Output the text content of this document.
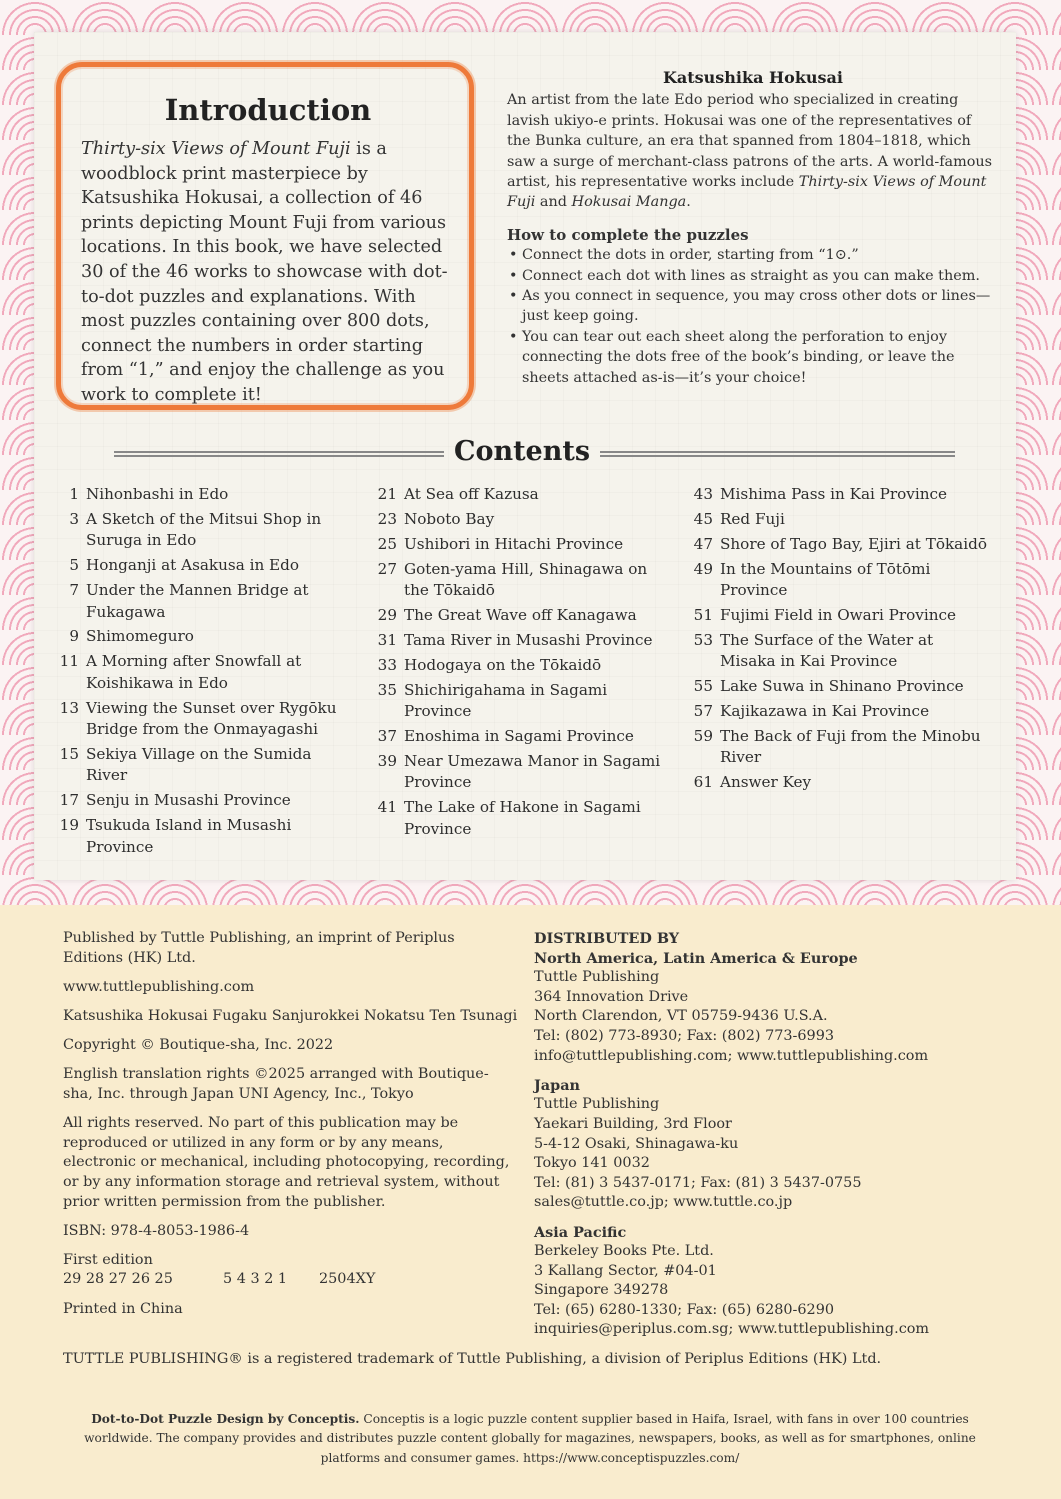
Introduction
Thirty-six Views of Mount Fuji is a woodblock print masterpiece by Katsushika Hokusai, a collection of 46 prints depicting Mount Fuji from various locations. In this book, we have selected 30 of the 46 works to showcase with dot-to-dot puzzles and explanations. With most puzzles containing over 800 dots, connect the numbers in order starting from “1,” and enjoy the challenge as you work to complete it!
Katsushika Hokusai
An artist from the late Edo period who specialized in creating lavish ukiyo-e prints. Hokusai was one of the representatives of the Bunka culture, an era that spanned from 1804–1818, which saw a surge of merchant-class patrons of the arts. A world-famous artist, his representative works include Thirty-six Views of Mount Fuji and Hokusai Manga.
How to complete the puzzles
• Connect the dots in order, starting from “1⊙.”
• Connect each dot with lines as straight as you can make them.
• As you connect in sequence, you may cross other dots or lines—just keep going.
• You can tear out each sheet along the perforation to enjoy connecting the dots free of the book’s binding, or leave the sheets attached as-is—it’s your choice!
Contents
1 Nihonbashi in Edo
3 A Sketch of the Mitsui Shop in Suruga in Edo
5 Honganji at Asakusa in Edo
7 Under the Mannen Bridge at Fukagawa
9 Shimomeguro
11 A Morning after Snowfall at Koishikawa in Edo
13 Viewing the Sunset over Rygōku Bridge from the Onmayagashi
15 Sekiya Village on the Sumida River
17 Senju in Musashi Province
19 Tsukuda Island in Musashi Province
21 At Sea off Kazusa
23 Noboto Bay
25 Ushibori in Hitachi Province
27 Goten-yama Hill, Shinagawa on the Tōkaidō
29 The Great Wave off Kanagawa
31 Tama River in Musashi Province
33 Hodogaya on the Tōkaidō
35 Shichirigahama in Sagami Province
37 Enoshima in Sagami Province
39 Near Umezawa Manor in Sagami Province
41 The Lake of Hakone in Sagami Province
43 Mishima Pass in Kai Province
45 Red Fuji
47 Shore of Tago Bay, Ejiri at Tōkaidō
49 In the Mountains of Tōtōmi Province
51 Fujimi Field in Owari Province
53 The Surface of the Water at Misaka in Kai Province
55 Lake Suwa in Shinano Province
57 Kajikazawa in Kai Province
59 The Back of Fuji from the Minobu River
61 Answer Key

Published by Tuttle Publishing, an imprint of Periplus Editions (HK) Ltd.

www.tuttlepublishing.com

Katsushika Hokusai Fugaku Sanjurokkei Nokatsu Ten Tsunagi

Copyright © Boutique-sha, Inc. 2022

English translation rights ©2025 arranged with Boutique-sha, Inc. through Japan UNI Agency, Inc., Tokyo

All rights reserved. No part of this publication may be reproduced or utilized in any form or by any means, electronic or mechanical, including photocopying, recording, or by any information storage and retrieval system, without prior written permission from the publisher.

ISBN: 978-4-8053-1986-4

First edition

29 28 27 26 25	5 4 3 2 1 2504XY

Printed in China

DISTRIBUTED BY
North America, Latin America & Europe
Tuttle Publishing
364 Innovation Drive
North Clarendon, VT 05759-9436 U.S.A.
Tel: (802) 773-8930; Fax: (802) 773-6993
info@tuttlepublishing.com; www.tuttlepublishing.com
Japan
Tuttle Publishing
Yaekari Building, 3rd Floor
5-4-12 Osaki, Shinagawa-ku
Tokyo 141 0032
Tel: (81) 3 5437-0171; Fax: (81) 3 5437-0755
sales@tuttle.co.jp; www.tuttle.co.jp
Asia Pacific
Berkeley Books Pte. Ltd.
3 Kallang Sector, #04-01
Singapore 349278
Tel: (65) 6280-1330; Fax: (65) 6280-6290
inquiries@periplus.com.sg; www.tuttlepublishing.com
TUTTLE PUBLISHING® is a registered trademark of Tuttle Publishing, a division of Periplus Editions (HK) Ltd.
Dot-to-Dot Puzzle Design by Conceptis. Conceptis is a logic puzzle content supplier based in Haifa, Israel, with fans in over 100 countries worldwide. The company provides and distributes puzzle content globally for magazines, newspapers, books, as well as for smartphones, online platforms and consumer games. https://www.conceptispuzzles.com/
